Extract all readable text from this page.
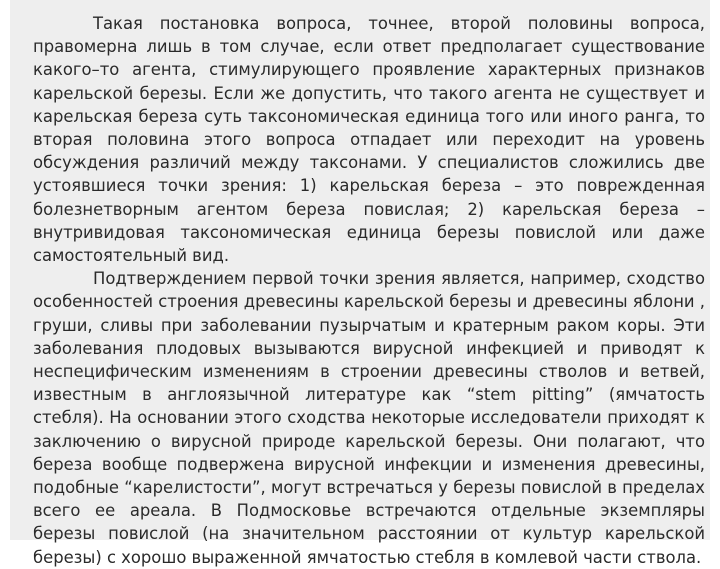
Такая постановка вопроса, точнее, второй половины вопроса, правомерна лишь в том случае, если ответ предполагает существование какого–то агента, стимулирующего проявление характерных признаков карельской березы. Если же допустить, что такого агента не существует и карельская береза суть таксономическая единица того или иного ранга, то вторая половина этого вопроса отпадает или переходит на уровень обсуждения различий между таксонами. У специалистов сложились две устоявшиеся точки зрения: 1) карельская береза – это поврежденная болезнетворным агентом береза повислая; 2) карельская береза – внутривидовая таксономическая единица березы повислой или даже самостоятельный вид.

Подтверждением первой точки зрения является, например, сходство особенностей строения древесины карельской березы и древесины яблони , груши, сливы при заболевании пузырчатым и кратерным раком коры. Эти заболевания плодовых вызываются вирусной инфекцией и приводят к неспецифическим изменениям в строении древесины стволов и ветвей, известным в англоязычной литературе как “stem pitting” (ямчатость стебля). На основании этого сходства некоторые исследователи приходят к заключению о вирусной природе карельской березы. Они полагают, что береза вообще подвержена вирусной инфекции и изменения древесины, подобные “карелистости”, могут встречаться у березы повислой в пределах всего ее ареала. В Подмосковье встречаются отдельные экземпляры березы повислой (на значительном расстоянии от культур карельской березы) с хорошо выраженной ямчатостью стебля в комлевой части ствола.
